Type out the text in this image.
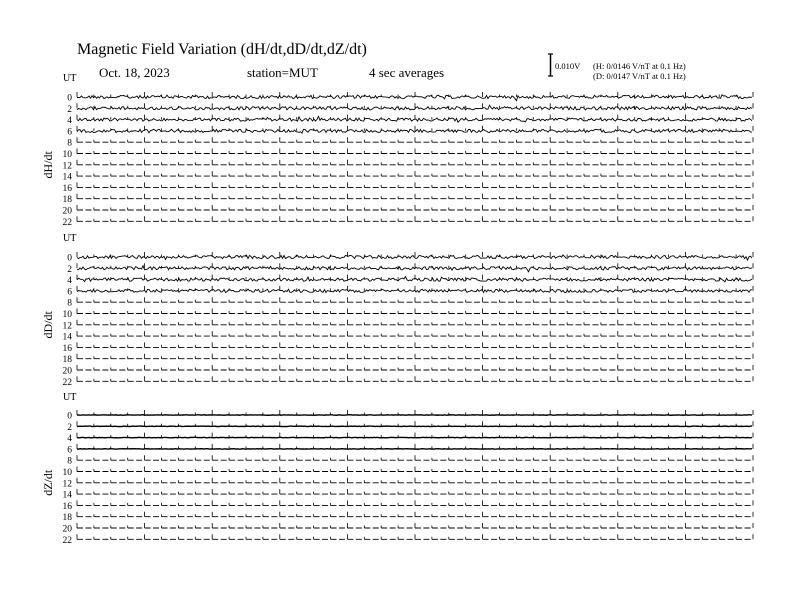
Magnetic Field Variation (dH/dt,dD/dt,dZ/dt)
Oct. 18, 2023	station=MUT	4 sec averages	0.010V (H: 0/0146 V/nT at 0.1 Hz)
(D: 0/0147 V/nT at 0.1 Hz)
UT
dH/dt
0
2
4
6
8
10
12
14
16
18
20
22
UT
dD/dt
0
2
4
6
8
10
12
14
16
18
20
22
UT
dZ/dt
0
2
4
6
8
10
12
14
16
18
20
22
